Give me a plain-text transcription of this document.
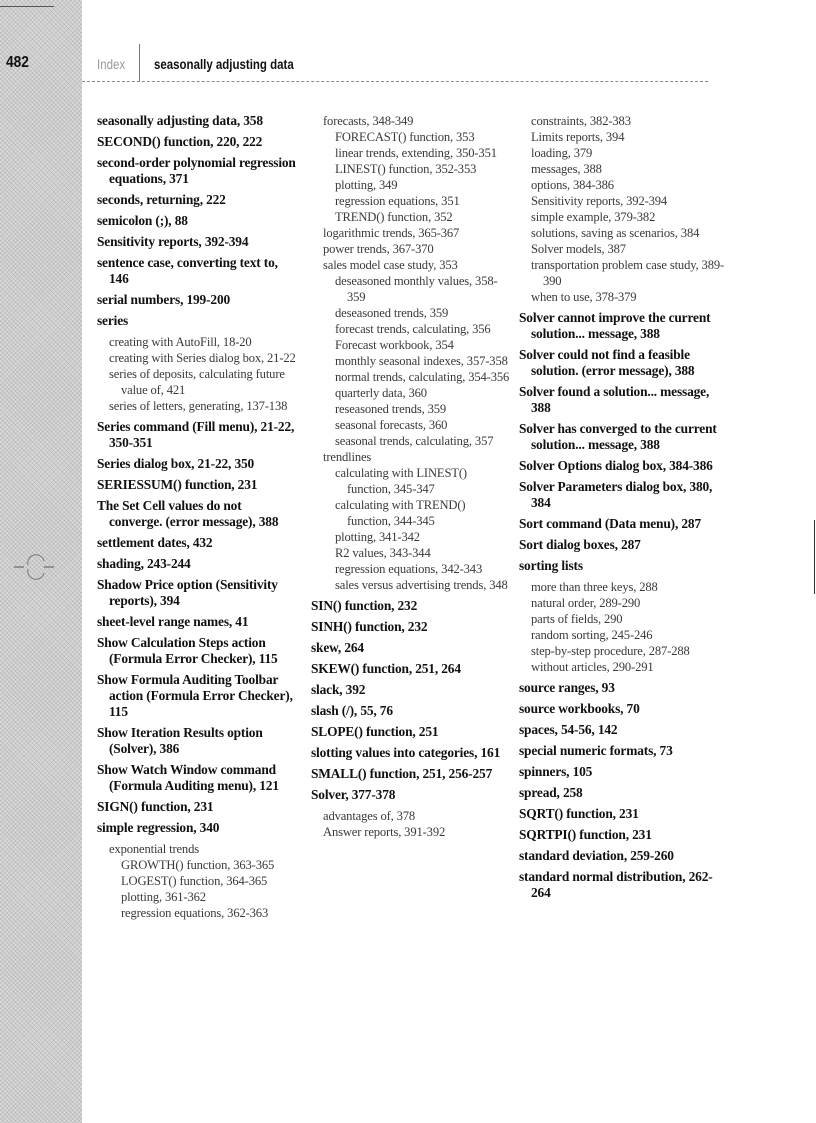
482	Index seasonally adjusting data

seasonally adjusting data, 358

SECOND() function, 220, 222

second-order polynomial regression equations, 371

seconds, returning, 222

semicolon (;), 88

Sensitivity reports, 392-394

sentence case, converting text to, 146

serial numbers, 199-200

series

creating with AutoFill, 18-20

creating with Series dialog box, 21-22

series of deposits, calculating future value of, 421

series of letters, generating, 137-138

Series command (Fill menu), 21-22, 350-351

Series dialog box, 21-22, 350

SERIESSUM() function, 231

The Set Cell values do not converge. (error message), 388

settlement dates, 432

shading, 243-244

Shadow Price option (Sensitivity reports), 394

sheet-level range names, 41

Show Calculation Steps action (Formula Error Checker), 115

Show Formula Auditing Toolbar action (Formula Error Checker), 115

Show Iteration Results option (Solver), 386

Show Watch Window command (Formula Auditing menu), 121

SIGN() function, 231

simple regression, 340

exponential trends

GROWTH() function, 363-365

LOGEST() function, 364-365

plotting, 361-362

regression equations, 362-363

forecasts, 348-349

FORECAST() function, 353

linear trends, extending, 350-351

LINEST() function, 352-353

plotting, 349

regression equations, 351

TREND() function, 352

logarithmic trends, 365-367

power trends, 367-370

sales model case study, 353

deseasoned monthly values, 358-359

deseasoned trends, 359

forecast trends, calculating, 356

Forecast workbook, 354

monthly seasonal indexes, 357-358

normal trends, calculating, 354-356

quarterly data, 360

reseasoned trends, 359

seasonal forecasts, 360

seasonal trends, calculating, 357

trendlines

calculating with LINEST() function, 345-347

calculating with TREND() function, 344-345

plotting, 341-342

R2 values, 343-344

regression equations, 342-343

sales versus advertising trends, 348

SIN() function, 232

SINH() function, 232

skew, 264

SKEW() function, 251, 264

slack, 392

slash (/), 55, 76

SLOPE() function, 251

slotting values into categories, 161

SMALL() function, 251, 256-257

Solver, 377-378

advantages of, 378

Answer reports, 391-392

constraints, 382-383

Limits reports, 394

loading, 379

messages, 388

options, 384-386

Sensitivity reports, 392-394

simple example, 379-382

solutions, saving as scenarios, 384

Solver models, 387

transportation problem case study, 389-390

when to use, 378-379

Solver cannot improve the current solution... message, 388

Solver could not find a feasible solution. (error message), 388

Solver found a solution... message, 388

Solver has converged to the current solution... message, 388

Solver Options dialog box, 384-386

Solver Parameters dialog box, 380, 384

Sort command (Data menu), 287

Sort dialog boxes, 287

sorting lists

more than three keys, 288

natural order, 289-290

parts of fields, 290

random sorting, 245-246

step-by-step procedure, 287-288

without articles, 290-291

source ranges, 93

source workbooks, 70

spaces, 54-56, 142

special numeric formats, 73

spinners, 105

spread, 258

SQRT() function, 231

SQRTPI() function, 231

standard deviation, 259-260

standard normal distribution, 262-264
